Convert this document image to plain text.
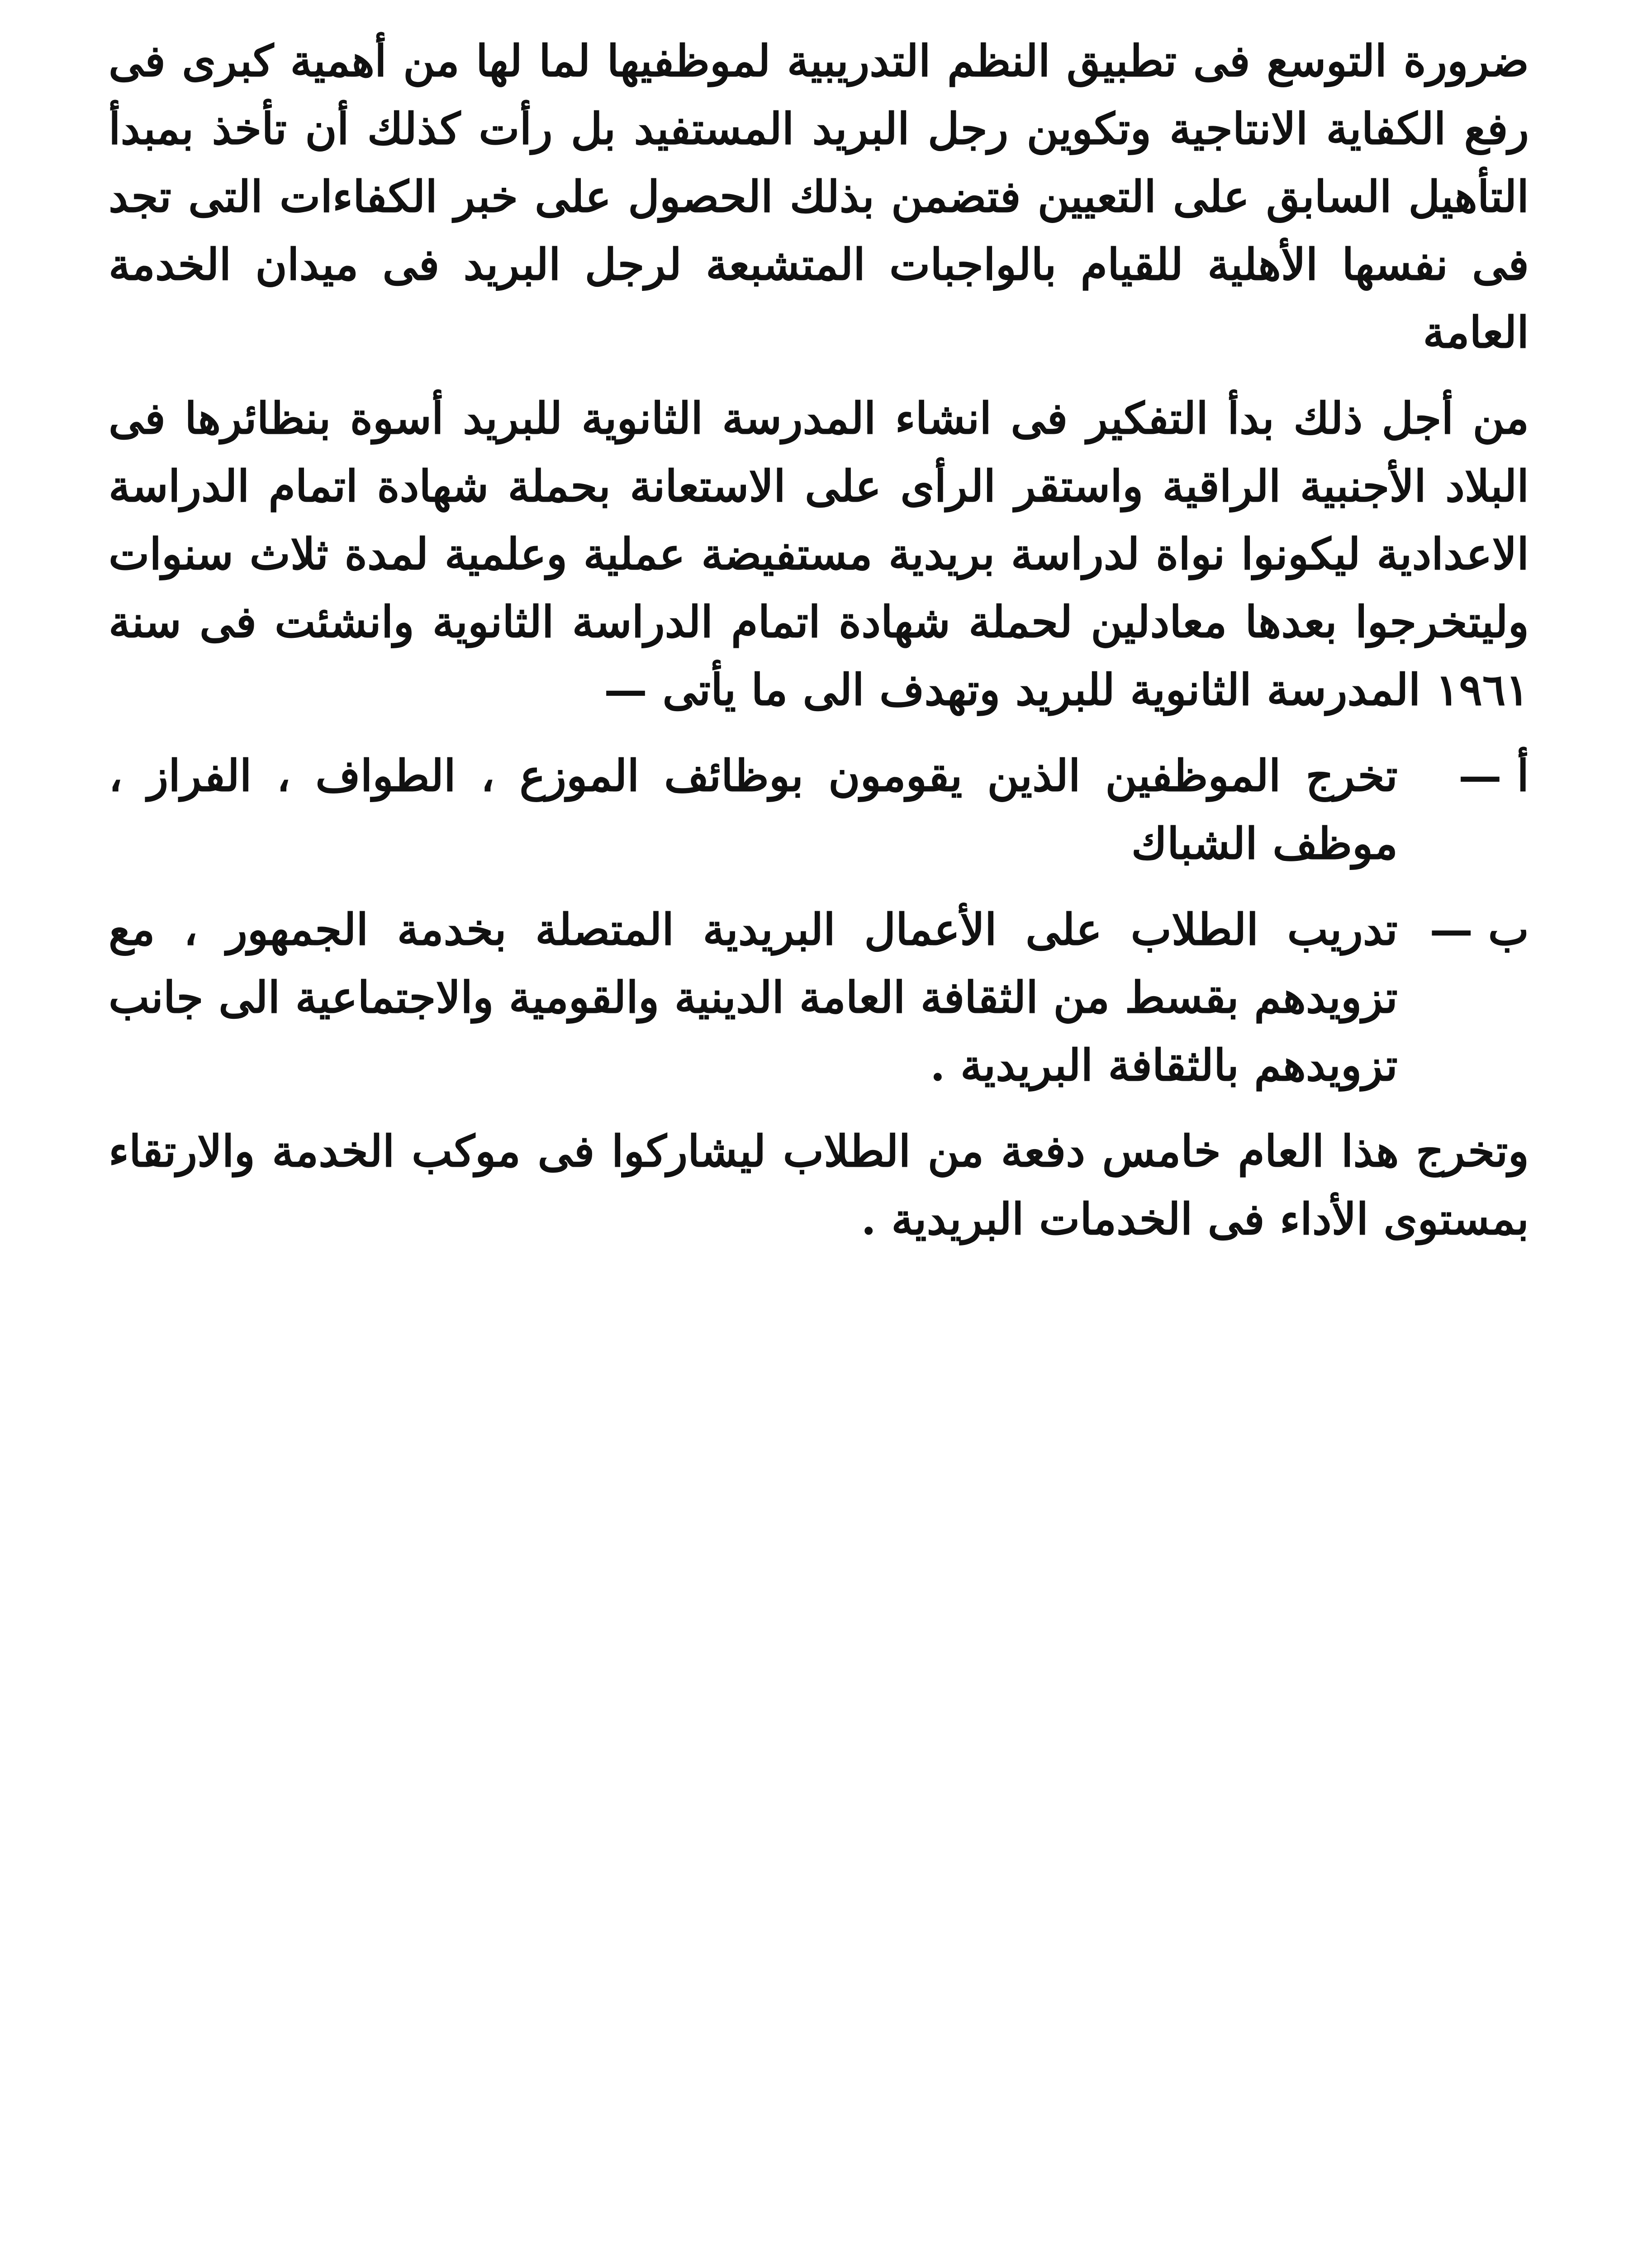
ضرورة التوسع فى تطبيق النظم التدريبية لموظفيها لما لها من أهمية كبرى فى رفع الكفاية الانتاجية وتكوين رجل البريد المستفيد بل رأت كذلك أن تأخذ بمبدأ التأهيل السابق على التعيين فتضمن بذلك الحصول على خبر الكفاءات التى تجد فى نفسها الأهلية للقيام بالواجبات المتشبعة لرجل البريد فى ميدان الخدمة العامة

من أجل ذلك بدأ التفكير فى انشاء المدرسة الثانوية للبريد أسوة بنظائرها فى البلاد الأجنبية الراقية واستقر الرأى على الاستعانة بحملة شهادة اتمام الدراسة الاعدادية ليكونوا نواة لدراسة بريدية مستفيضة عملية وعلمية لمدة ثلاث سنوات وليتخرجوا بعدها معادلين لحملة شهادة اتمام الدراسة الثانوية وانشئت فى سنة ١٩٦١ المدرسة الثانوية للبريد وتهدف الى ما يأتى —

أ —
تخرج الموظفين الذين يقومون بوظائف الموزع ، الطواف ، الفراز ، موظف الشباك
ب —
تدريب الطلاب على الأعمال البريدية المتصلة بخدمة الجمهور ، مع تزويدهم بقسط من الثقافة العامة الدينية والقومية والاجتماعية الى جانب تزويدهم بالثقافة البريدية .

وتخرج هذا العام خامس دفعة من الطلاب ليشاركوا فى موكب الخدمة والارتقاء بمستوى الأداء فى الخدمات البريدية .
